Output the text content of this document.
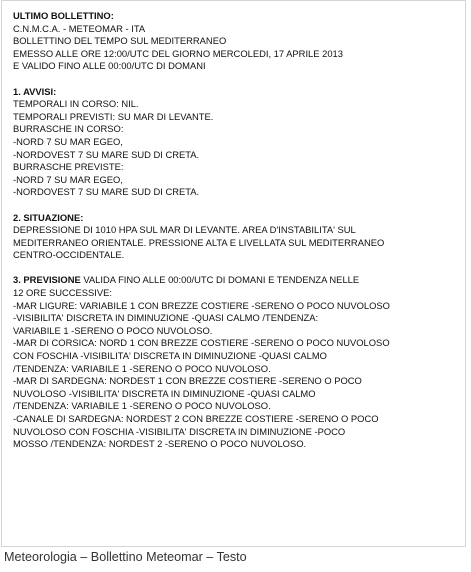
ULTIMO BOLLETTINO:
C.N.M.C.A. - METEOMAR - ITA
BOLLETTINO DEL TEMPO SUL MEDITERRANEO
EMESSO ALLE ORE 12:00/UTC DEL GIORNO MERCOLEDI, 17 APRILE 2013
E VALIDO FINO ALLE 00:00/UTC DI DOMANI
1. AVVISI:
TEMPORALI IN CORSO: NIL.
TEMPORALI PREVISTI: SU MAR DI LEVANTE.
BURRASCHE IN CORSO:
-NORD 7 SU MAR EGEO,
-NORDOVEST 7 SU MARE SUD DI CRETA.
BURRASCHE PREVISTE:
-NORD 7 SU MAR EGEO,
-NORDOVEST 7 SU MARE SUD DI CRETA.
2. SITUAZIONE:
DEPRESSIONE DI 1010 HPA SUL MAR DI LEVANTE. AREA D'INSTABILITA' SUL
MEDITERRANEO ORIENTALE. PRESSIONE ALTA E LIVELLATA SUL MEDITERRANEO
CENTRO-OCCIDENTALE.
3. PREVISIONE VALIDA FINO ALLE 00:00/UTC DI DOMANI E TENDENZA NELLE
12 ORE SUCCESSIVE:
-MAR LIGURE: VARIABILE 1 CON BREZZE COSTIERE -SERENO O POCO NUVOLOSO
-VISIBILITA' DISCRETA IN DIMINUZIONE -QUASI CALMO /TENDENZA:
VARIABILE 1 -SERENO O POCO NUVOLOSO.
-MAR DI CORSICA: NORD 1 CON BREZZE COSTIERE -SERENO O POCO NUVOLOSO
CON FOSCHIA -VISIBILITA' DISCRETA IN DIMINUZIONE -QUASI CALMO
/TENDENZA: VARIABILE 1 -SERENO O POCO NUVOLOSO.
-MAR DI SARDEGNA: NORDEST 1 CON BREZZE COSTIERE -SERENO O POCO
NUVOLOSO -VISIBILITA' DISCRETA IN DIMINUZIONE -QUASI CALMO
/TENDENZA: VARIABILE 1 -SERENO O POCO NUVOLOSO.
-CANALE DI SARDEGNA: NORDEST 2 CON BREZZE COSTIERE -SERENO O POCO
NUVOLOSO CON FOSCHIA -VISIBILITA' DISCRETA IN DIMINUZIONE -POCO
MOSSO /TENDENZA: NORDEST 2 -SERENO O POCO NUVOLOSO.
Meteorologia – Bollettino Meteomar – Testo
